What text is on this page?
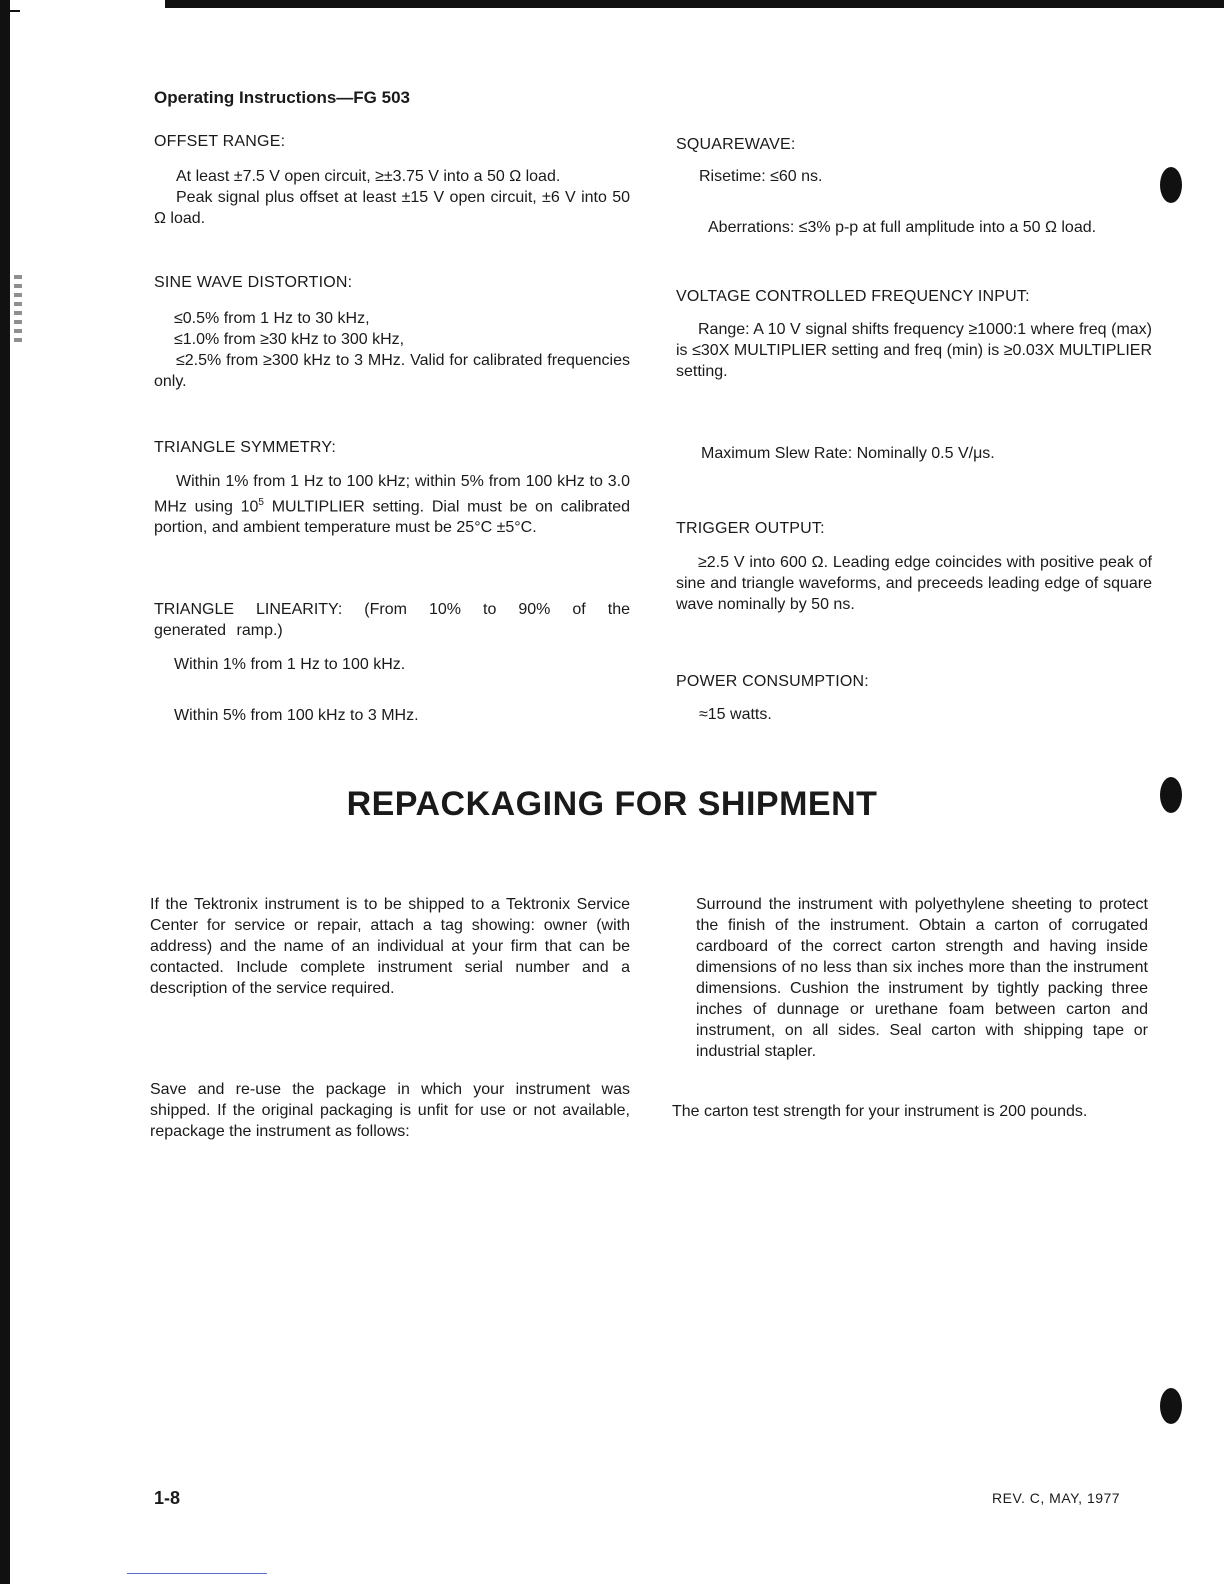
Operating Instructions—FG 503
OFFSET RANGE:
At least ±7.5 V open circuit, ≥±3.75 V into a 50 Ω load.
Peak signal plus offset at least ±15 V open circuit, ±6 V into 50 Ω load.
SINE WAVE DISTORTION:
≤0.5% from 1 Hz to 30 kHz,
≤1.0% from ≥30 kHz to 300 kHz,
≤2.5% from ≥300 kHz to 3 MHz. Valid for calibrated frequencies only.
TRIANGLE SYMMETRY:
Within 1% from 1 Hz to 100 kHz; within 5% from 100 kHz to 3.0 MHz using $10^5$ MULTIPLIER setting. Dial must be on calibrated portion, and ambient temperature must be 25°C ±5°C.
TRIANGLE LINEARITY: (From 10% to 90% of the generated ramp.)
Within 1% from 1 Hz to 100 kHz.
Within 5% from 100 kHz to 3 MHz.
SQUAREWAVE:
Risetime: ≤60 ns.
Aberrations: ≤3% p-p at full amplitude into a 50 Ω load.
VOLTAGE CONTROLLED FREQUENCY INPUT:
Range: A 10 V signal shifts frequency ≥1000:1 where freq (max) is ≤30X MULTIPLIER setting and freq (min) is ≥0.03X MULTIPLIER setting.
Maximum Slew Rate: Nominally 0.5 V/μs.
TRIGGER OUTPUT:
≥2.5 V into 600 Ω. Leading edge coincides with positive peak of sine and triangle waveforms, and preceeds leading edge of square wave nominally by 50 ns.
POWER CONSUMPTION:
≈15 watts.
REPACKAGING FOR SHIPMENT
If the Tektronix instrument is to be shipped to a Tektronix Service Center for service or repair, attach a tag showing: owner (with address) and the name of an individual at your firm that can be contacted. Include complete instrument serial number and a description of the service required.
Save and re-use the package in which your instrument was shipped. If the original packaging is unfit for use or not available, repackage the instrument as follows:
Surround the instrument with polyethylene sheeting to protect the finish of the instrument. Obtain a carton of corrugated cardboard of the correct carton strength and having inside dimensions of no less than six inches more than the instrument dimensions. Cushion the instrument by tightly packing three inches of dunnage or urethane foam between carton and instrument, on all sides. Seal carton with shipping tape or industrial stapler.
The carton test strength for your instrument is 200 pounds.
1-8	REV. C, MAY, 1977
